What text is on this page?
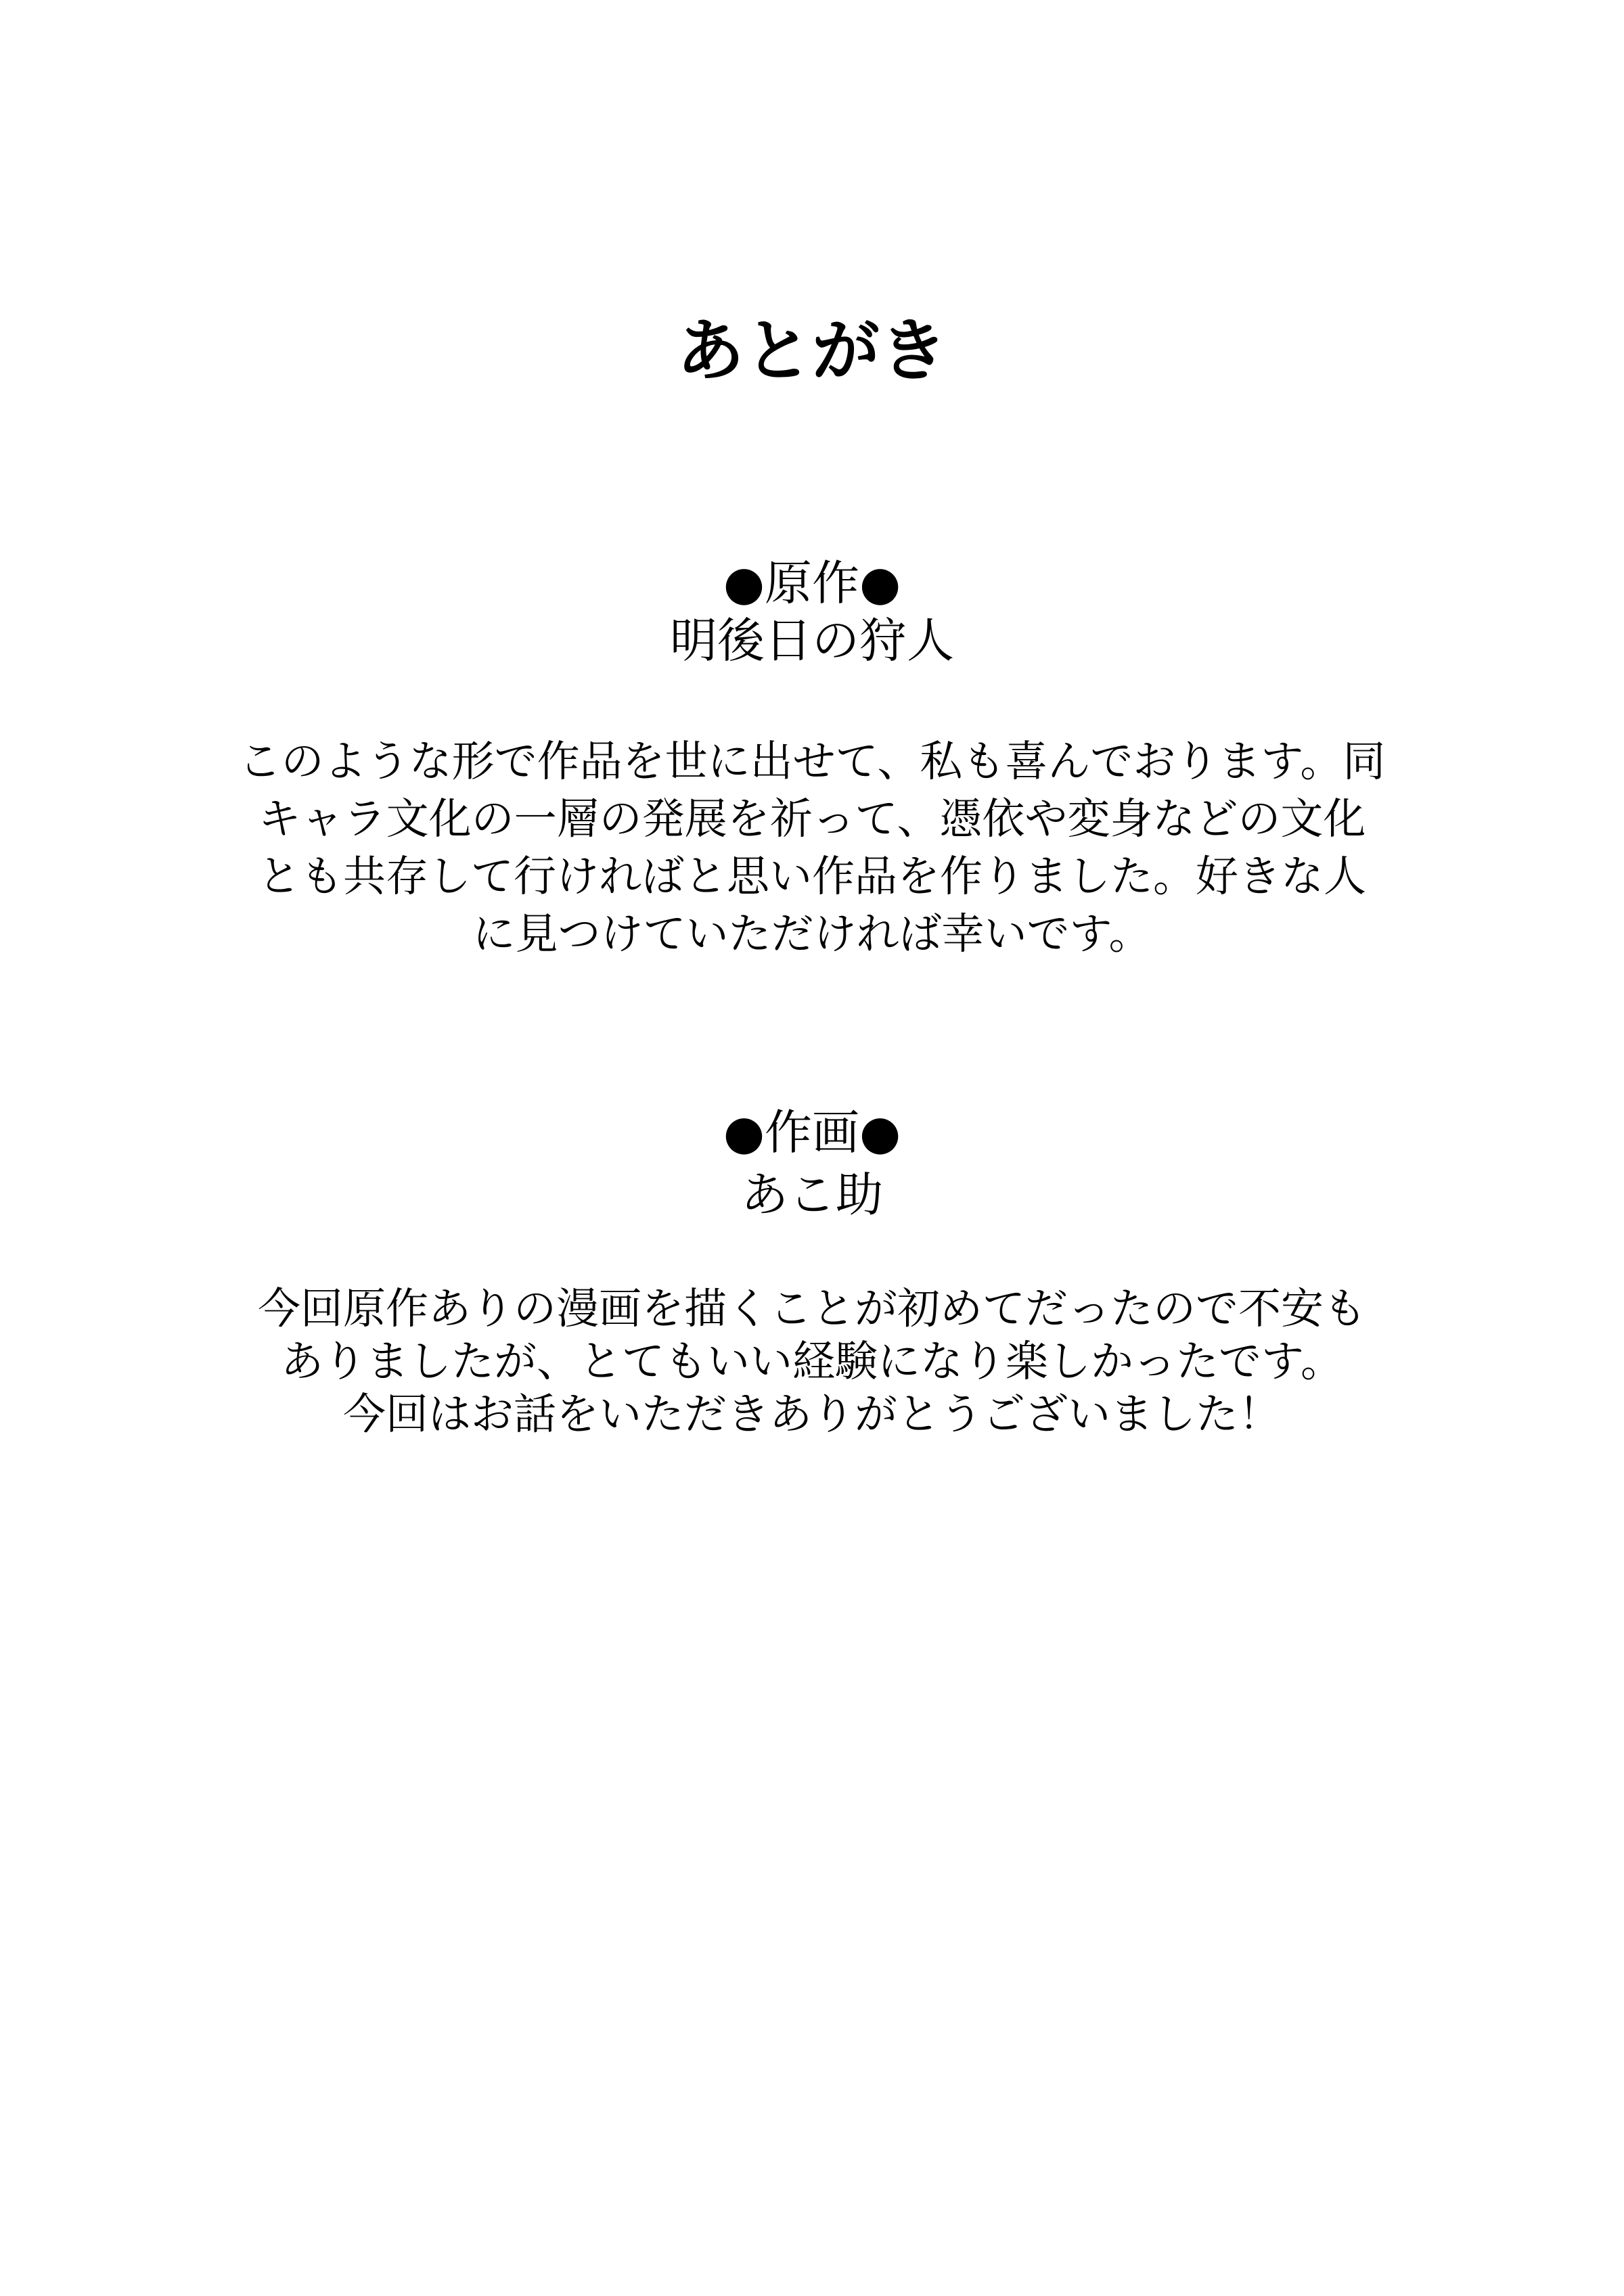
あとがき
●原作●
明後日の狩人
このような形で作品を世に出せて、私も喜んでおります。同
キャラ文化の一層の発展を祈って、憑依や変身などの文化
とも共存して行ければと思い作品を作りました。好きな人
に見つけていただければ幸いです。
●作画●
あこ助
今回原作ありの漫画を描くことが初めてだったので不安も
ありましたが、とてもいい経験になり楽しかったです。
今回はお話をいただきありがとうございました！
